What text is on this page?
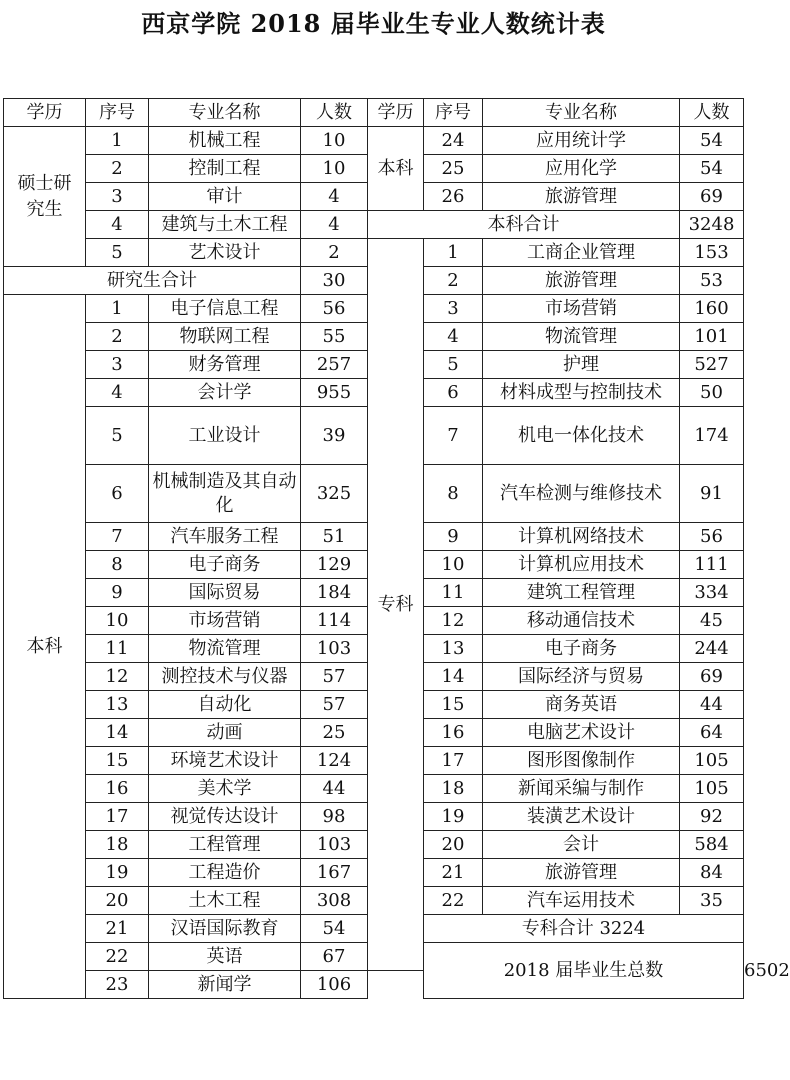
西京学院 2018 届毕业生专业人数统计表
学历	序号	专业名称	人数	学历	序号	专业名称	人数	
硕士研究生	1	机械工程	10	本科	24	应用统计学	54	
	2	控制工程	10		25	应用化学	54	
	3	审计	4		26	旅游管理	69	
	4	建筑与土木工程	4	本科合计			3248	
	5	艺术设计	2	专科	1	工商企业管理	153	
研究生合计			30		2	旅游管理	53	
本科	1	电子信息工程	56		3	市场营销	160	
	2	物联网工程	55		4	物流管理	101	
	3	财务管理	257		5	护理	527	
	4	会计学	955		6	材料成型与控制技术	50	
	5	工业设计	39		7	机电一体化技术	174	
	6	机械制造及其自动化	325		8	汽车检测与维修技术	91	
	7	汽车服务工程	51		9	计算机网络技术	56	
	8	电子商务	129		10	计算机应用技术	111	
	9	国际贸易	184		11	建筑工程管理	334	
	10	市场营销	114		12	移动通信技术	45	
	11	物流管理	103		13	电子商务	244	
	12	测控技术与仪器	57		14	国际经济与贸易	69	
	13	自动化	57		15	商务英语	44	
	14	动画	25		16	电脑艺术设计	64	
	15	环境艺术设计	124		17	图形图像制作	105	
	16	美术学	44		18	新闻采编与制作	105	
	17	视觉传达设计	98		19	装潢艺术设计	92	
	18	工程管理	103		20	会计	584	
	19	工程造价	167		21	旅游管理	84	
	20	土木工程	308		22	汽车运用技术	35	
	21	汉语国际教育	54		专科合计 3224			
	22	英语	67		2018 届毕业生总数			6502
	23	新闻学	106					
